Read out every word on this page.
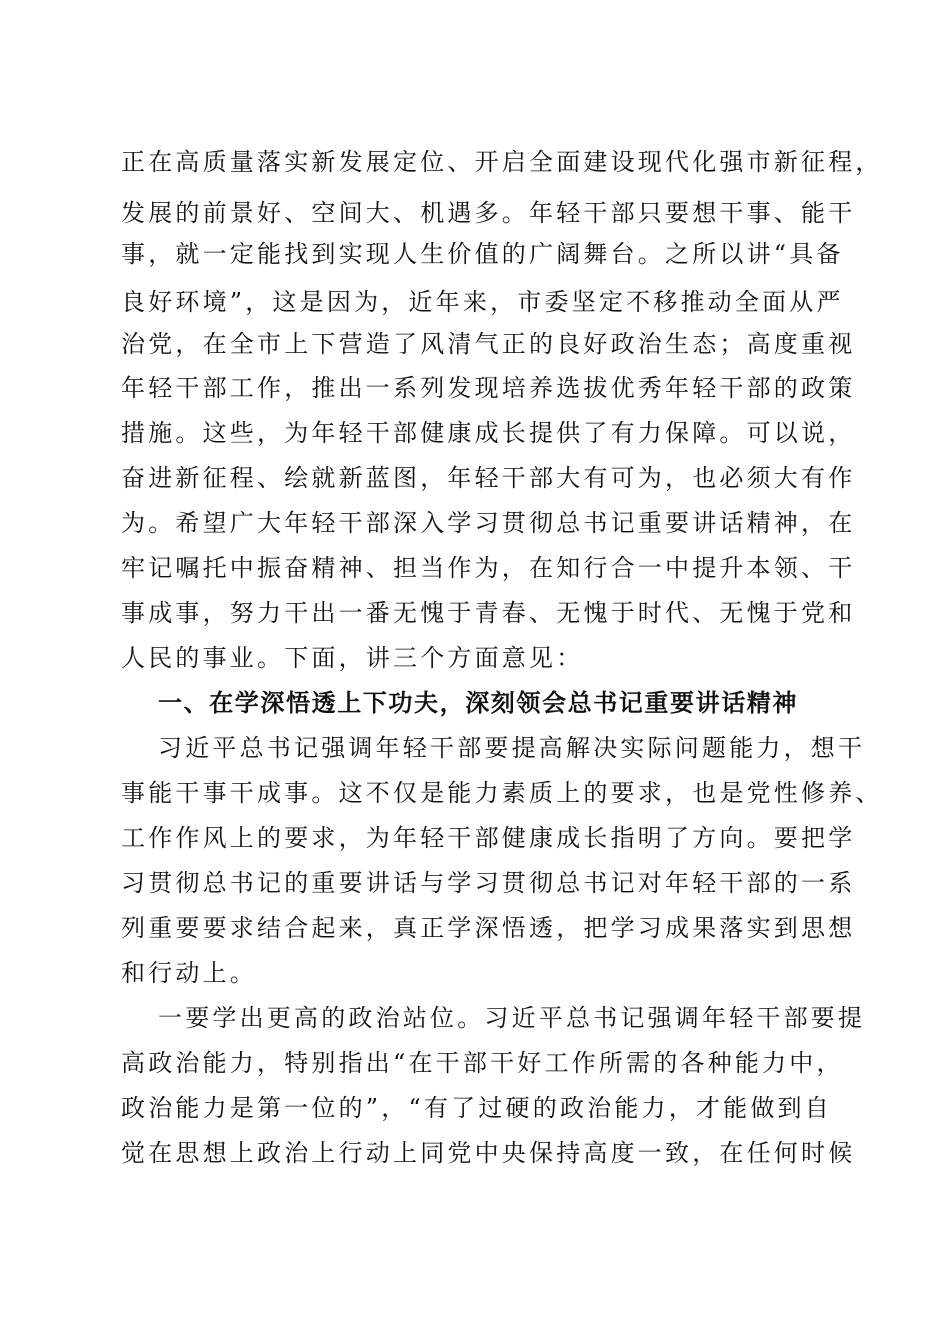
正在高质量落实新发展定位、开启全面建设现代化强市新征程，
发展的前景好、空间大、机遇多。年轻干部只要想干事、能干
事，就一定能找到实现人生价值的广阔舞台。之所以讲“具备
良好环境”，这是因为，近年来，市委坚定不移推动全面从严
治党，在全市上下营造了风清气正的良好政治生态；高度重视
年轻干部工作，推出一系列发现培养选拔优秀年轻干部的政策
措施。这些，为年轻干部健康成长提供了有力保障。可以说，
奋进新征程、绘就新蓝图，年轻干部大有可为，也必须大有作
为。希望广大年轻干部深入学习贯彻总书记重要讲话精神，在
牢记嘱托中振奋精神、担当作为，在知行合一中提升本领、干
事成事，努力干出一番无愧于青春、无愧于时代、无愧于党和
人民的事业。下面，讲三个方面意见：
一、在学深悟透上下功夫，深刻领会总书记重要讲话精神
习近平总书记强调年轻干部要提高解决实际问题能力，想干
事能干事干成事。这不仅是能力素质上的要求，也是党性修养、
工作作风上的要求，为年轻干部健康成长指明了方向。要把学
习贯彻总书记的重要讲话与学习贯彻总书记对年轻干部的一系
列重要要求结合起来，真正学深悟透，把学习成果落实到思想
和行动上。
一要学出更高的政治站位。习近平总书记强调年轻干部要提
高政治能力，特别指出“在干部干好工作所需的各种能力中，
政治能力是第一位的”，“有了过硬的政治能力，才能做到自
觉在思想上政治上行动上同党中央保持高度一致，在任何时候
